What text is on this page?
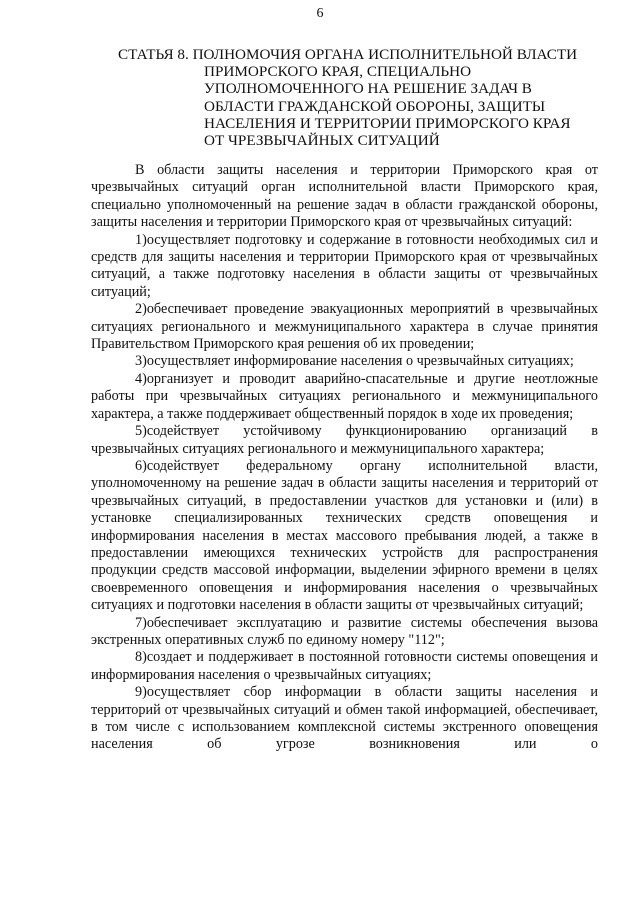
6
СТАТЬЯ 8. ПОЛНОМОЧИЯ ОРГАНА ИСПОЛНИТЕЛЬНОЙ ВЛАСТИ
ПРИМОРСКОГО КРАЯ, СПЕЦИАЛЬНО
УПОЛНОМОЧЕННОГО НА РЕШЕНИЕ ЗАДАЧ В
ОБЛАСТИ ГРАЖДАНСКОЙ ОБОРОНЫ, ЗАЩИТЫ
НАСЕЛЕНИЯ И ТЕРРИТОРИИ ПРИМОРСКОГО КРАЯ
ОТ ЧРЕЗВЫЧАЙНЫХ СИТУАЦИЙ

В области защиты населения и территории Приморского края от чрезвычайных ситуаций орган исполнительной власти Приморского края, специально уполномоченный на решение задач в области гражданской обороны, защиты населения и территории Приморского края от чрезвычайных ситуаций:

1)осуществляет подготовку и содержание в готовности необходимых сил и средств для защиты населения и территории Приморского края от чрезвычайных ситуаций, а также подготовку населения в области защиты от чрезвычайных ситуаций;

2)обеспечивает проведение эвакуационных мероприятий в чрезвычайных ситуациях регионального и межмуниципального характера в случае принятия Правительством Приморского края решения об их проведении;

3)осуществляет информирование населения о чрезвычайных ситуациях;

4)организует и проводит аварийно-спасательные и другие неотложные работы при чрезвычайных ситуациях регионального и межмуниципального характера, а также поддерживает общественный порядок в ходе их проведения;

5)содействует устойчивому функционированию организаций в чрезвычайных ситуациях регионального и межмуниципального характера;

6)содействует федеральному органу исполнительной власти, уполномоченному на решение задач в области защиты населения и территорий от чрезвычайных ситуаций, в предоставлении участков для установки и (или) в установке специализированных технических средств оповещения и информирования населения в местах массового пребывания людей, а также в предоставлении имеющихся технических устройств для распространения продукции средств массовой информации, выделении эфирного времени в целях своевременного оповещения и информирования населения о чрезвычайных ситуациях и подготовки населения в области защиты от чрезвычайных ситуаций;

7)обеспечивает эксплуатацию и развитие системы обеспечения вызова экстренных оперативных служб по единому номеру "112";

8)создает и поддерживает в постоянной готовности системы оповещения и информирования населения о чрезвычайных ситуациях;

9)осуществляет сбор информации в области защиты населения и территорий от чрезвычайных ситуаций и обмен такой информацией, обеспечивает, в том числе с использованием комплексной системы экстренного оповещения населения об угрозе возникновения или о
